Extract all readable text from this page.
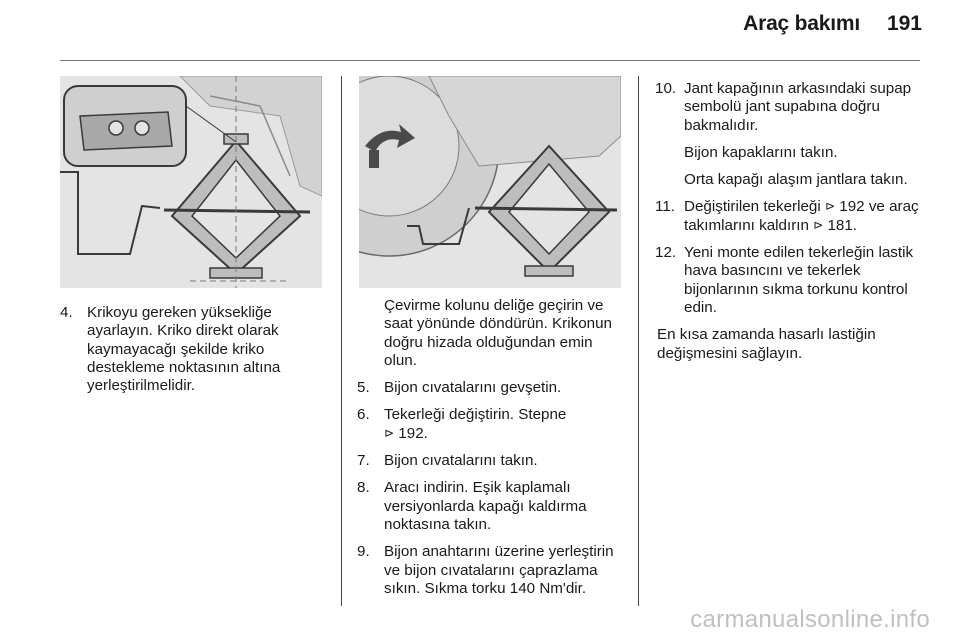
Araç bakımı	191
4. Krikoyu gereken yüksekliğe ayarlayın. Kriko direkt olarak kaymayacağı şekilde kriko destekleme noktasının altına yerleştirilmelidir.
Çevirme kolunu deliğe geçirin ve saat yönünde döndürün. Krikonun doğru hizada olduğundan emin olun.
5. Bijon cıvatalarını gevşetin.
6. Tekerleği değiştirin. Stepne
⊳ 192.
7. Bijon cıvatalarını takın.
8. Aracı indirin. Eşik kaplamalı versiyonlarda kapağı kaldırma noktasına takın.
9. Bijon anahtarını üzerine yerleştirin ve bijon cıvatalarını çaprazlama sıkın. Sıkma torku 140 Nm'dir.
10. Jant kapağının arkasındaki supap sembolü jant supabına doğru bakmalıdır.
Bijon kapaklarını takın.
Orta kapağı alaşım jantlara takın.
11. Değiştirilen tekerleği ⊳ 192 ve araç takımlarını kaldırın ⊳ 181.
12. Yeni monte edilen tekerleğin lastik hava basıncını ve tekerlek bijonlarının sıkma torkunu kontrol edin.
En kısa zamanda hasarlı lastiğin değişmesini sağlayın.
carmanualsonline.info
